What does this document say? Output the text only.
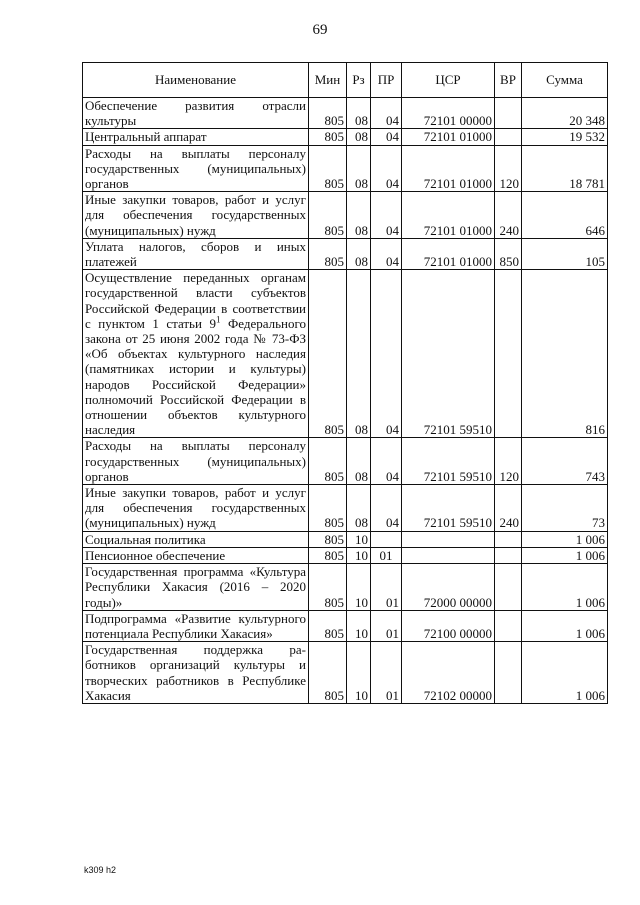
69
Наименование	Мин	Рз	ПР	ЦСР	ВР	Сумма
Обеспечение развития отрасли культуры	805	08	04	72101 00000		20 348
Центральный аппарат	805	08	04	72101 01000		19 532
Расходы на выплаты персоналу государственных (муниципальных) органов	805	08	04	72101 01000	120	18 781
Иные закупки товаров, работ и услуг для обеспечения государственных (муниципальных) нужд	805	08	04	72101 01000	240	646
Уплата налогов, сборов и иных платежей	805	08	04	72101 01000	850	105
Осуществление переданных органам государственной власти субъектов Российской Федерации в соответствии с пунктом 1 статьи $9^1$ Федерального закона от 25 июня 2002 года № 73-ФЗ «Об объектах культурного наследия (памятниках истории и культуры) народов Российской Федерации» полномочий Российской Федерации в отношении объектов культурного наследия	805	08	04	72101 59510		816
Расходы на выплаты персоналу государственных (муниципальных) органов	805	08	04	72101 59510	120	743
Иные закупки товаров, работ и услуг для обеспечения государственных (муниципальных) нужд	805	08	04	72101 59510	240	73
Социальная политика	805	10				1 006
Пенсионное обеспечение	805	10	01			1 006
Государственная программа «Культура Республики Хакасия (2016 – 2020 годы)»	805	10	01	72000 00000		1 006
Подпрограмма «Развитие культурного потенциала Республики Хакасия»	805	10	01	72100 00000		1 006
Государственная поддержка работников организаций культуры и творческих работников в Республике Хакасия	805	10	01	72102 00000		1 006
k309 h2
